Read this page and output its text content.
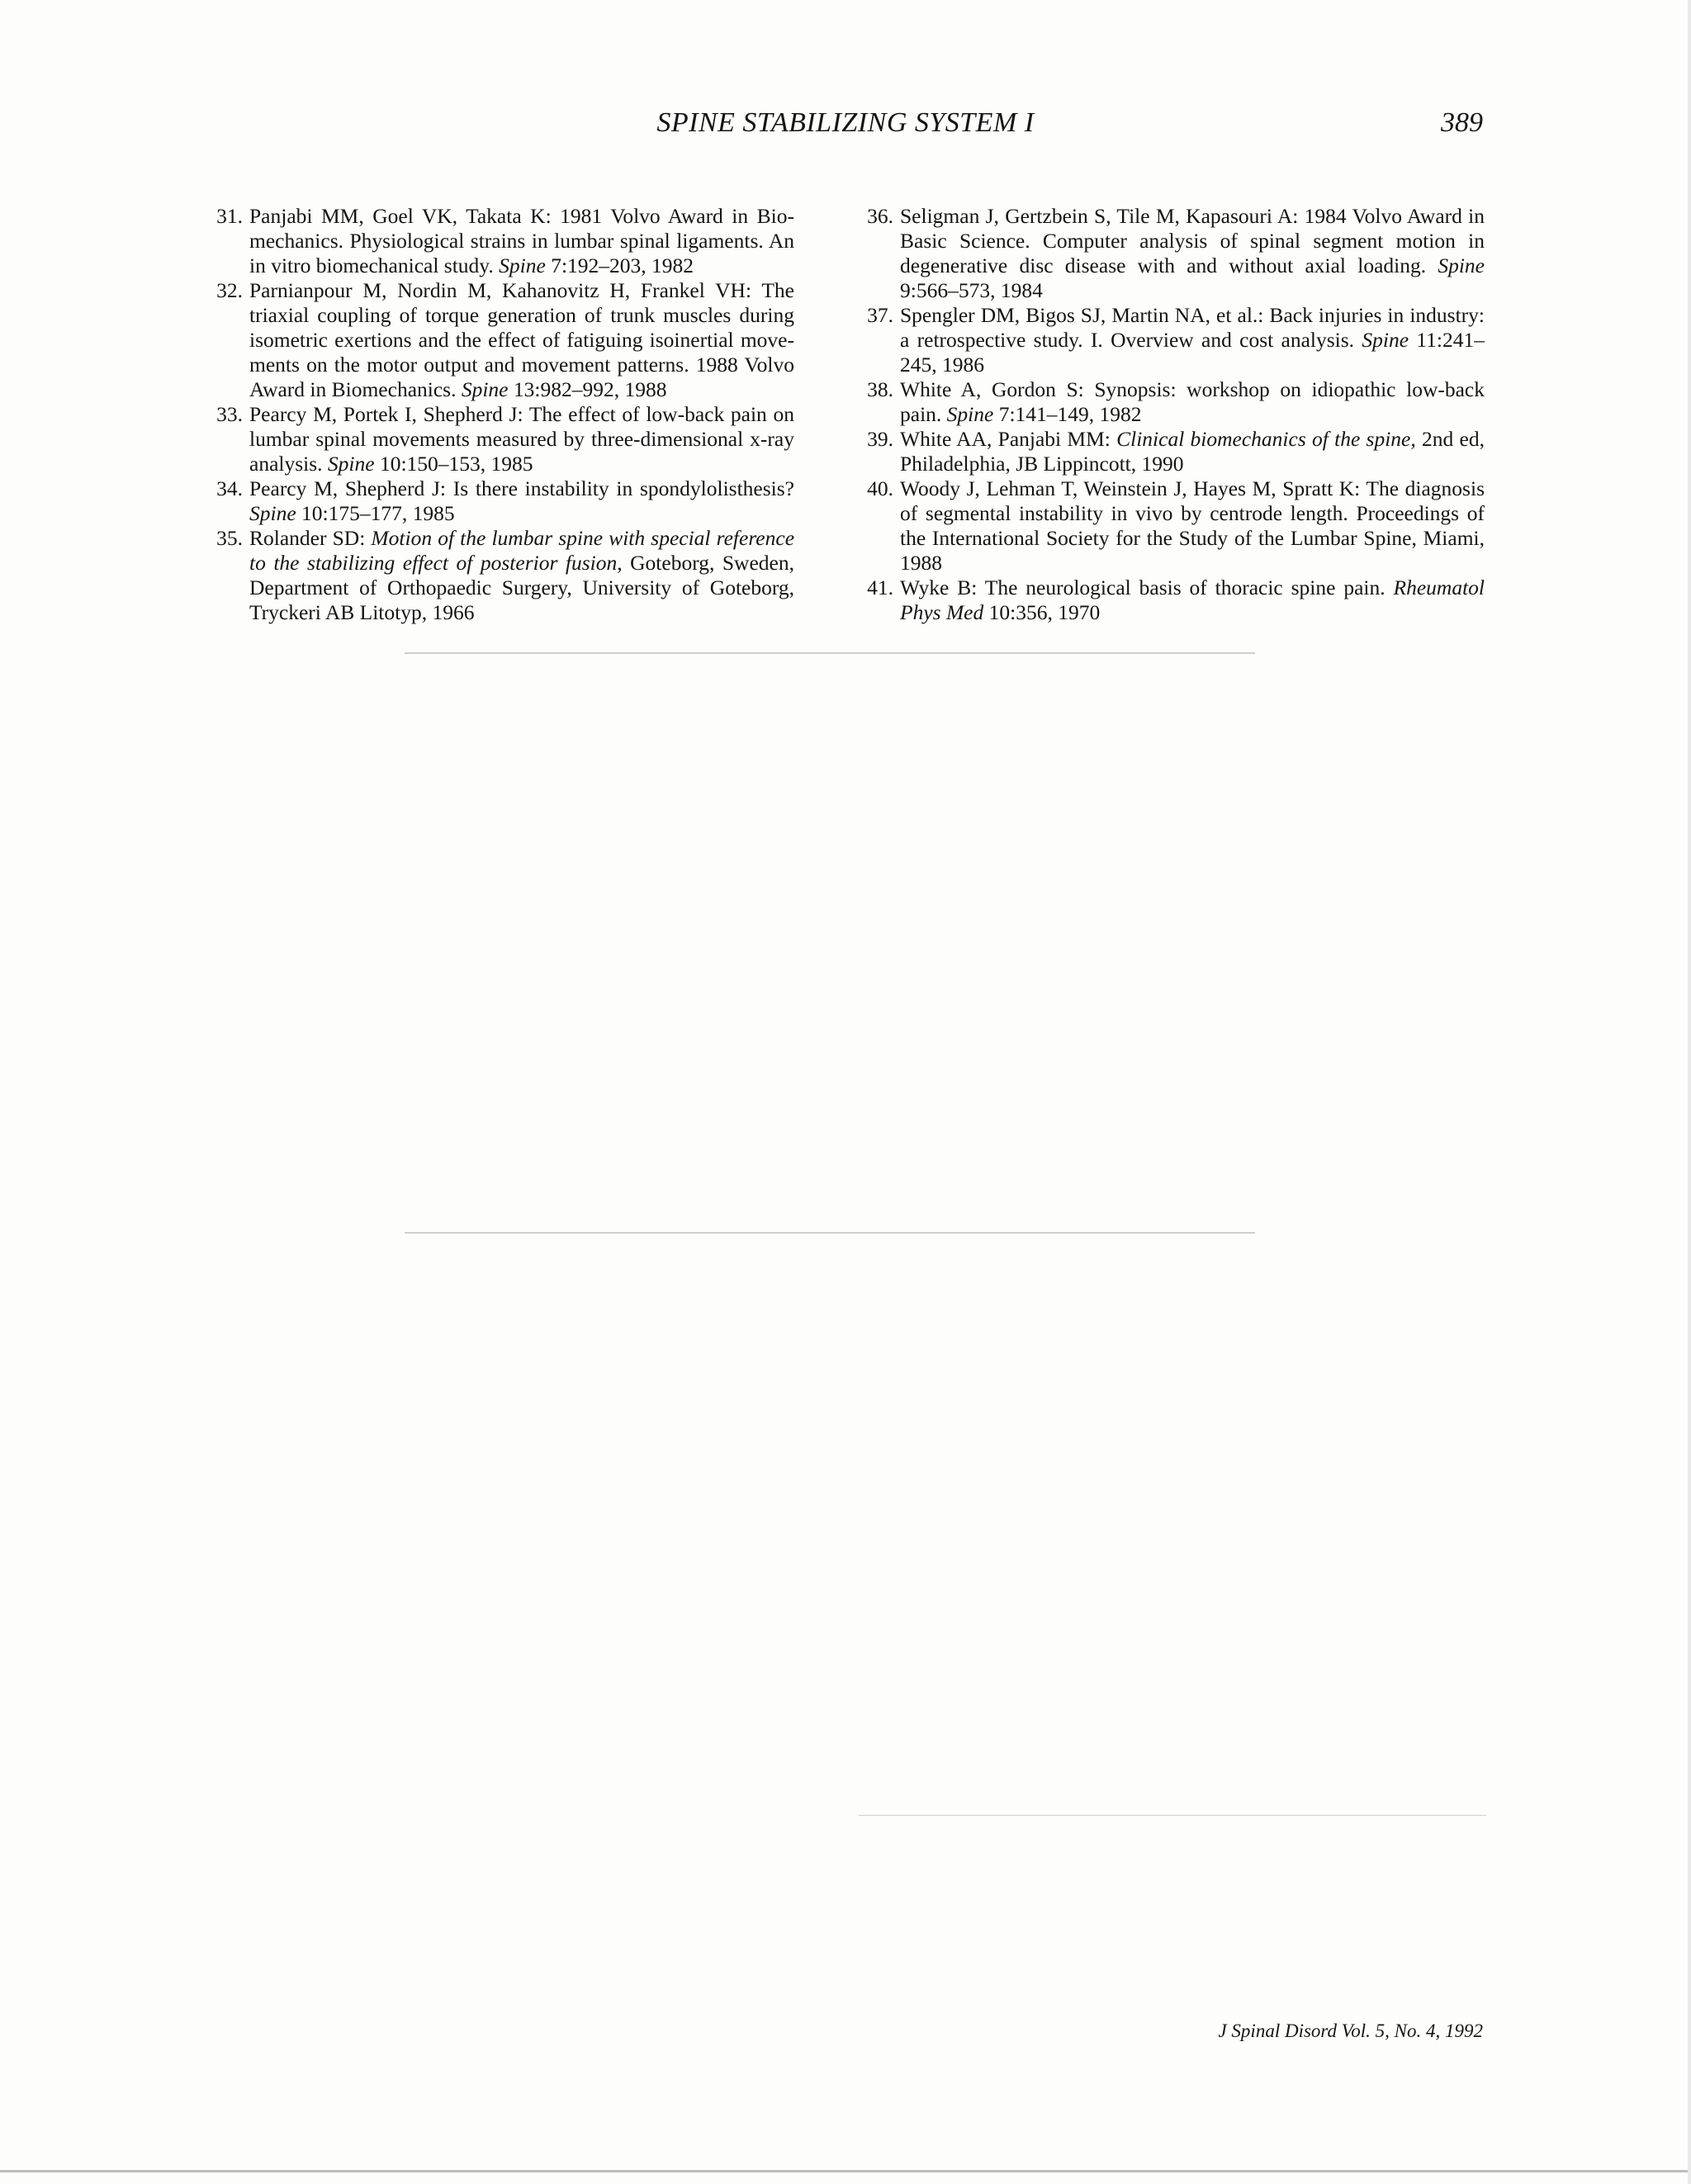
SPINE STABILIZING SYSTEM I	389
31. Panjabi MM, Goel VK, Takata K: 1981 Volvo Award in Biomechanics. Physiological strains in lumbar spinal ligaments. An in vitro biomechanical study. Spine 7:192–203, 1982
32. Parnianpour M, Nordin M, Kahanovitz H, Frankel VH: The triaxial coupling of torque generation of trunk muscles during isometric exertions and the effect of fatiguing isoinertial movements on the motor output and movement patterns. 1988 Volvo Award in Biomechanics. Spine 13:982–992, 1988
33. Pearcy M, Portek I, Shepherd J: The effect of low-back pain on lumbar spinal movements measured by three-dimensional x-ray analysis. Spine 10:150–153, 1985
34. Pearcy M, Shepherd J: Is there instability in spondylolisthesis? Spine 10:175–177, 1985
35. Rolander SD: Motion of the lumbar spine with special reference to the stabilizing effect of posterior fusion, Goteborg, Sweden, Department of Orthopaedic Surgery, University of Goteborg, Tryckeri AB Litotyp, 1966
36. Seligman J, Gertzbein S, Tile M, Kapasouri A: 1984 Volvo Award in Basic Science. Computer analysis of spinal segment motion in degenerative disc disease with and without axial loading. Spine 9:566–573, 1984
37. Spengler DM, Bigos SJ, Martin NA, et al.: Back injuries in industry: a retrospective study. I. Overview and cost analysis. Spine 11:241–245, 1986
38. White A, Gordon S: Synopsis: workshop on idiopathic low-back pain. Spine 7:141–149, 1982
39. White AA, Panjabi MM: Clinical biomechanics of the spine, 2nd ed, Philadelphia, JB Lippincott, 1990
40. Woody J, Lehman T, Weinstein J, Hayes M, Spratt K: The diagnosis of segmental instability in vivo by centrode length. Proceedings of the International Society for the Study of the Lumbar Spine, Miami, 1988
41. Wyke B: The neurological basis of thoracic spine pain. Rheumatol Phys Med 10:356, 1970
J Spinal Disord Vol. 5, No. 4, 1992
